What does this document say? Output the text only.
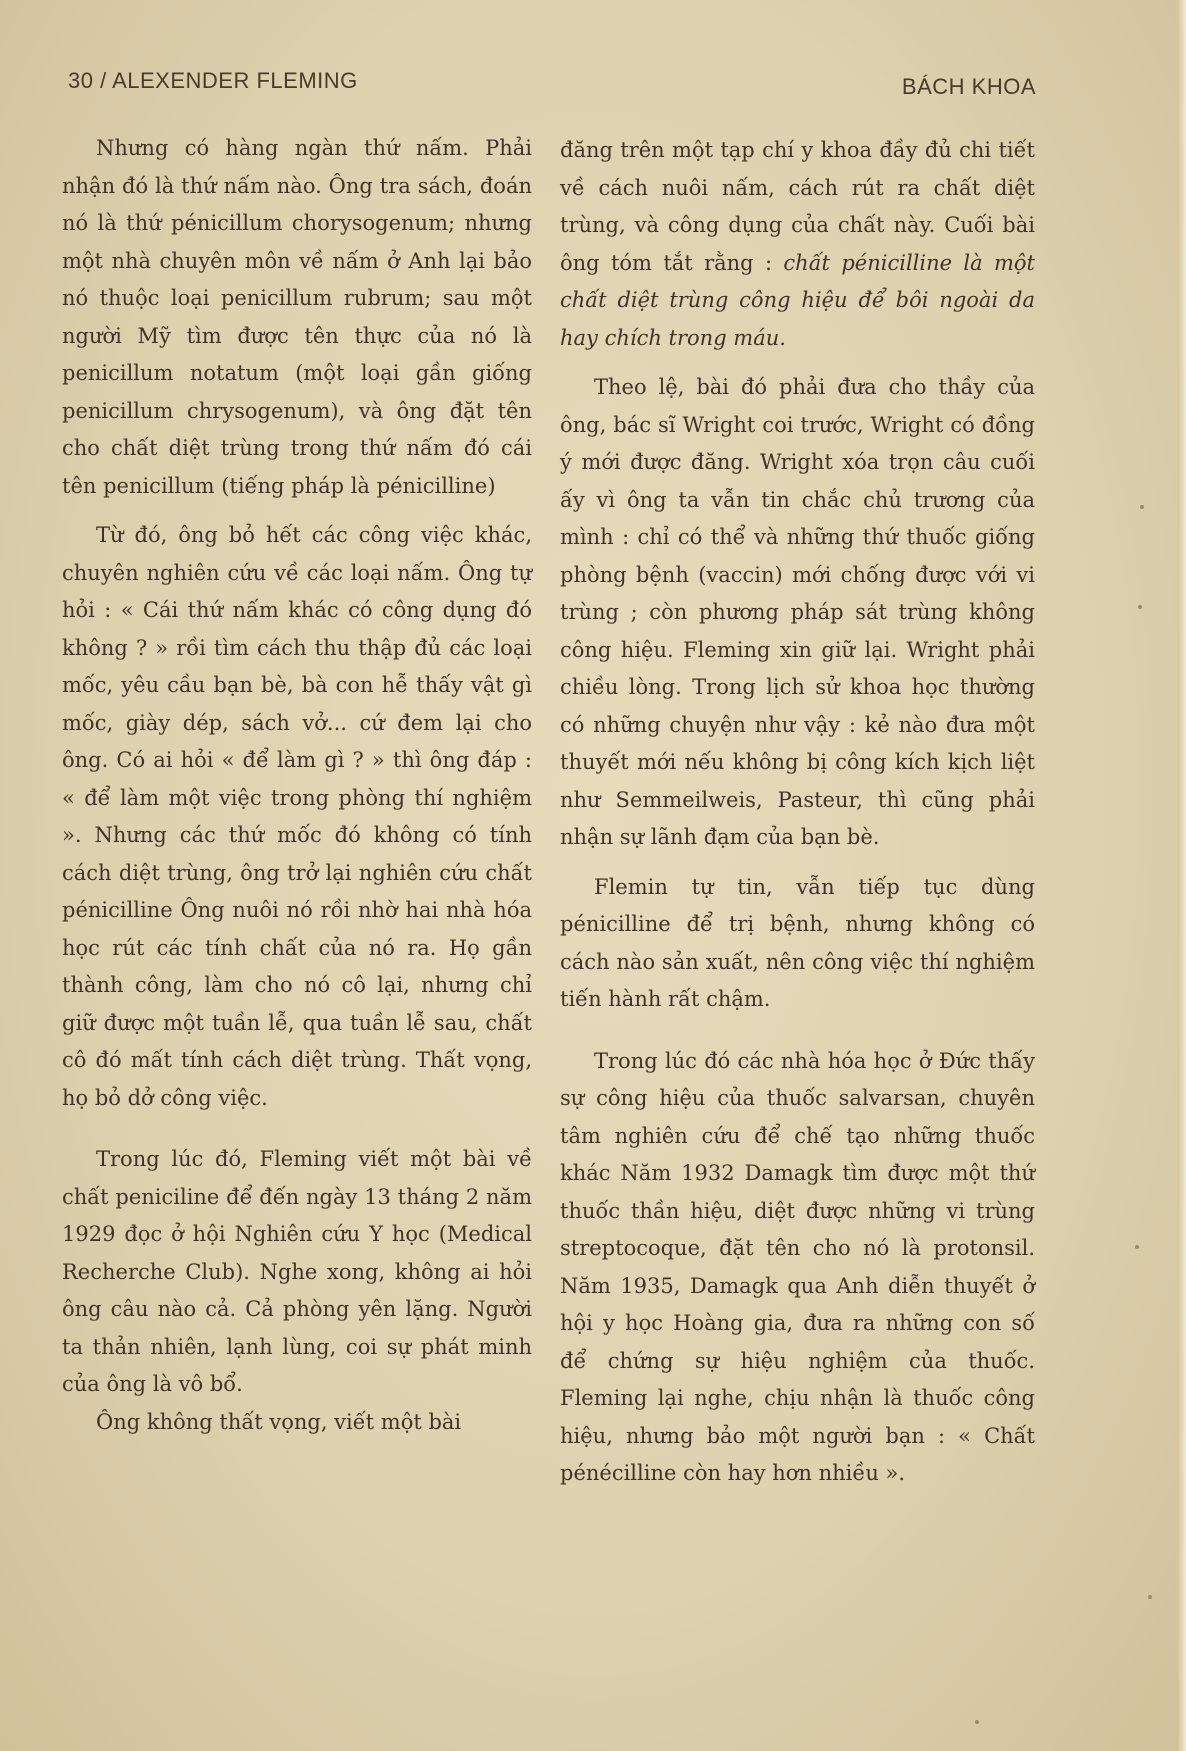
30 / ALEXENDER FLEMING	BÁCH KHOA

Nhưng có hàng ngàn thứ nấm. Phải nhận đó là thứ nấm nào. Ông tra sách, đoán nó là thứ pénicillum chorysogenum; nhưng một nhà chuyên môn về nấm ở Anh lại bảo nó thuộc loại penicillum rubrum; sau một người Mỹ tìm được tên thực của nó là penicillum notatum (một loại gần giống penicillum chrysogenum), và ông đặt tên cho chất diệt trùng trong thứ nấm đó cái tên penicillum (tiếng pháp là pénicilline)

Từ đó, ông bỏ hết các công việc khác, chuyên nghiên cứu về các loại nấm. Ông tự hỏi : « Cái thứ nấm khác có công dụng đó không ? » rồi tìm cách thu thập đủ các loại mốc, yêu cầu bạn bè, bà con hễ thấy vật gì mốc, giày dép, sách vở... cứ đem lại cho ông. Có ai hỏi « để làm gì ? » thì ông đáp : « để làm một việc trong phòng thí nghiệm ». Nhưng các thứ mốc đó không có tính cách diệt trùng, ông trở lại nghiên cứu chất pénicilline Ông nuôi nó rồi nhờ hai nhà hóa học rút các tính chất của nó ra. Họ gần thành công, làm cho nó cô lại, nhưng chỉ giữ được một tuần lễ, qua tuần lễ sau, chất cô đó mất tính cách diệt trùng. Thất vọng, họ bỏ dở công việc.

Trong lúc đó, Fleming viết một bài về chất peniciline để đến ngày 13 tháng 2 năm 1929 đọc ở hội Nghiên cứu Y học (Medical Recherche Club). Nghe xong, không ai hỏi ông câu nào cả. Cả phòng yên lặng. Người ta thản nhiên, lạnh lùng, coi sự phát minh của ông là vô bổ.

Ông không thất vọng, viết một bài

đăng trên một tạp chí y khoa đầy đủ chi tiết về cách nuôi nấm, cách rút ra chất diệt trùng, và công dụng của chất này. Cuối bài ông tóm tắt rằng : chất pénicilline là một chất diệt trùng công hiệu để bôi ngoài da hay chích trong máu.

Theo lệ, bài đó phải đưa cho thầy của ông, bác sĩ Wright coi trước, Wright có đồng ý mới được đăng. Wright xóa trọn câu cuối ấy vì ông ta vẫn tin chắc chủ trương của mình : chỉ có thể và những thứ thuốc giống phòng bệnh (vaccin) mới chống được với vi trùng ; còn phương pháp sát trùng không công hiệu. Fleming xin giữ lại. Wright phải chiều lòng. Trong lịch sử khoa học thường có những chuyện như vậy : kẻ nào đưa một thuyết mới nếu không bị công kích kịch liệt như Semmeilweis, Pasteur, thì cũng phải nhận sự lãnh đạm của bạn bè.

Flemin tự tin, vẫn tiếp tục dùng pénicilline để trị bệnh, nhưng không có cách nào sản xuất, nên công việc thí nghiệm tiến hành rất chậm.

Trong lúc đó các nhà hóa học ở Đức thấy sự công hiệu của thuốc salvarsan, chuyên tâm nghiên cứu để chế tạo những thuốc khác Năm 1932 Damagk tìm được một thứ thuốc thần hiệu, diệt được những vi trùng streptocoque, đặt tên cho nó là protonsil. Năm 1935, Damagk qua Anh diễn thuyết ở hội y học Hoàng gia, đưa ra những con số để chứng sự hiệu nghiệm của thuốc. Fleming lại nghe, chịu nhận là thuốc công hiệu, nhưng bảo một người bạn : « Chất pénécilline còn hay hơn nhiều ».
